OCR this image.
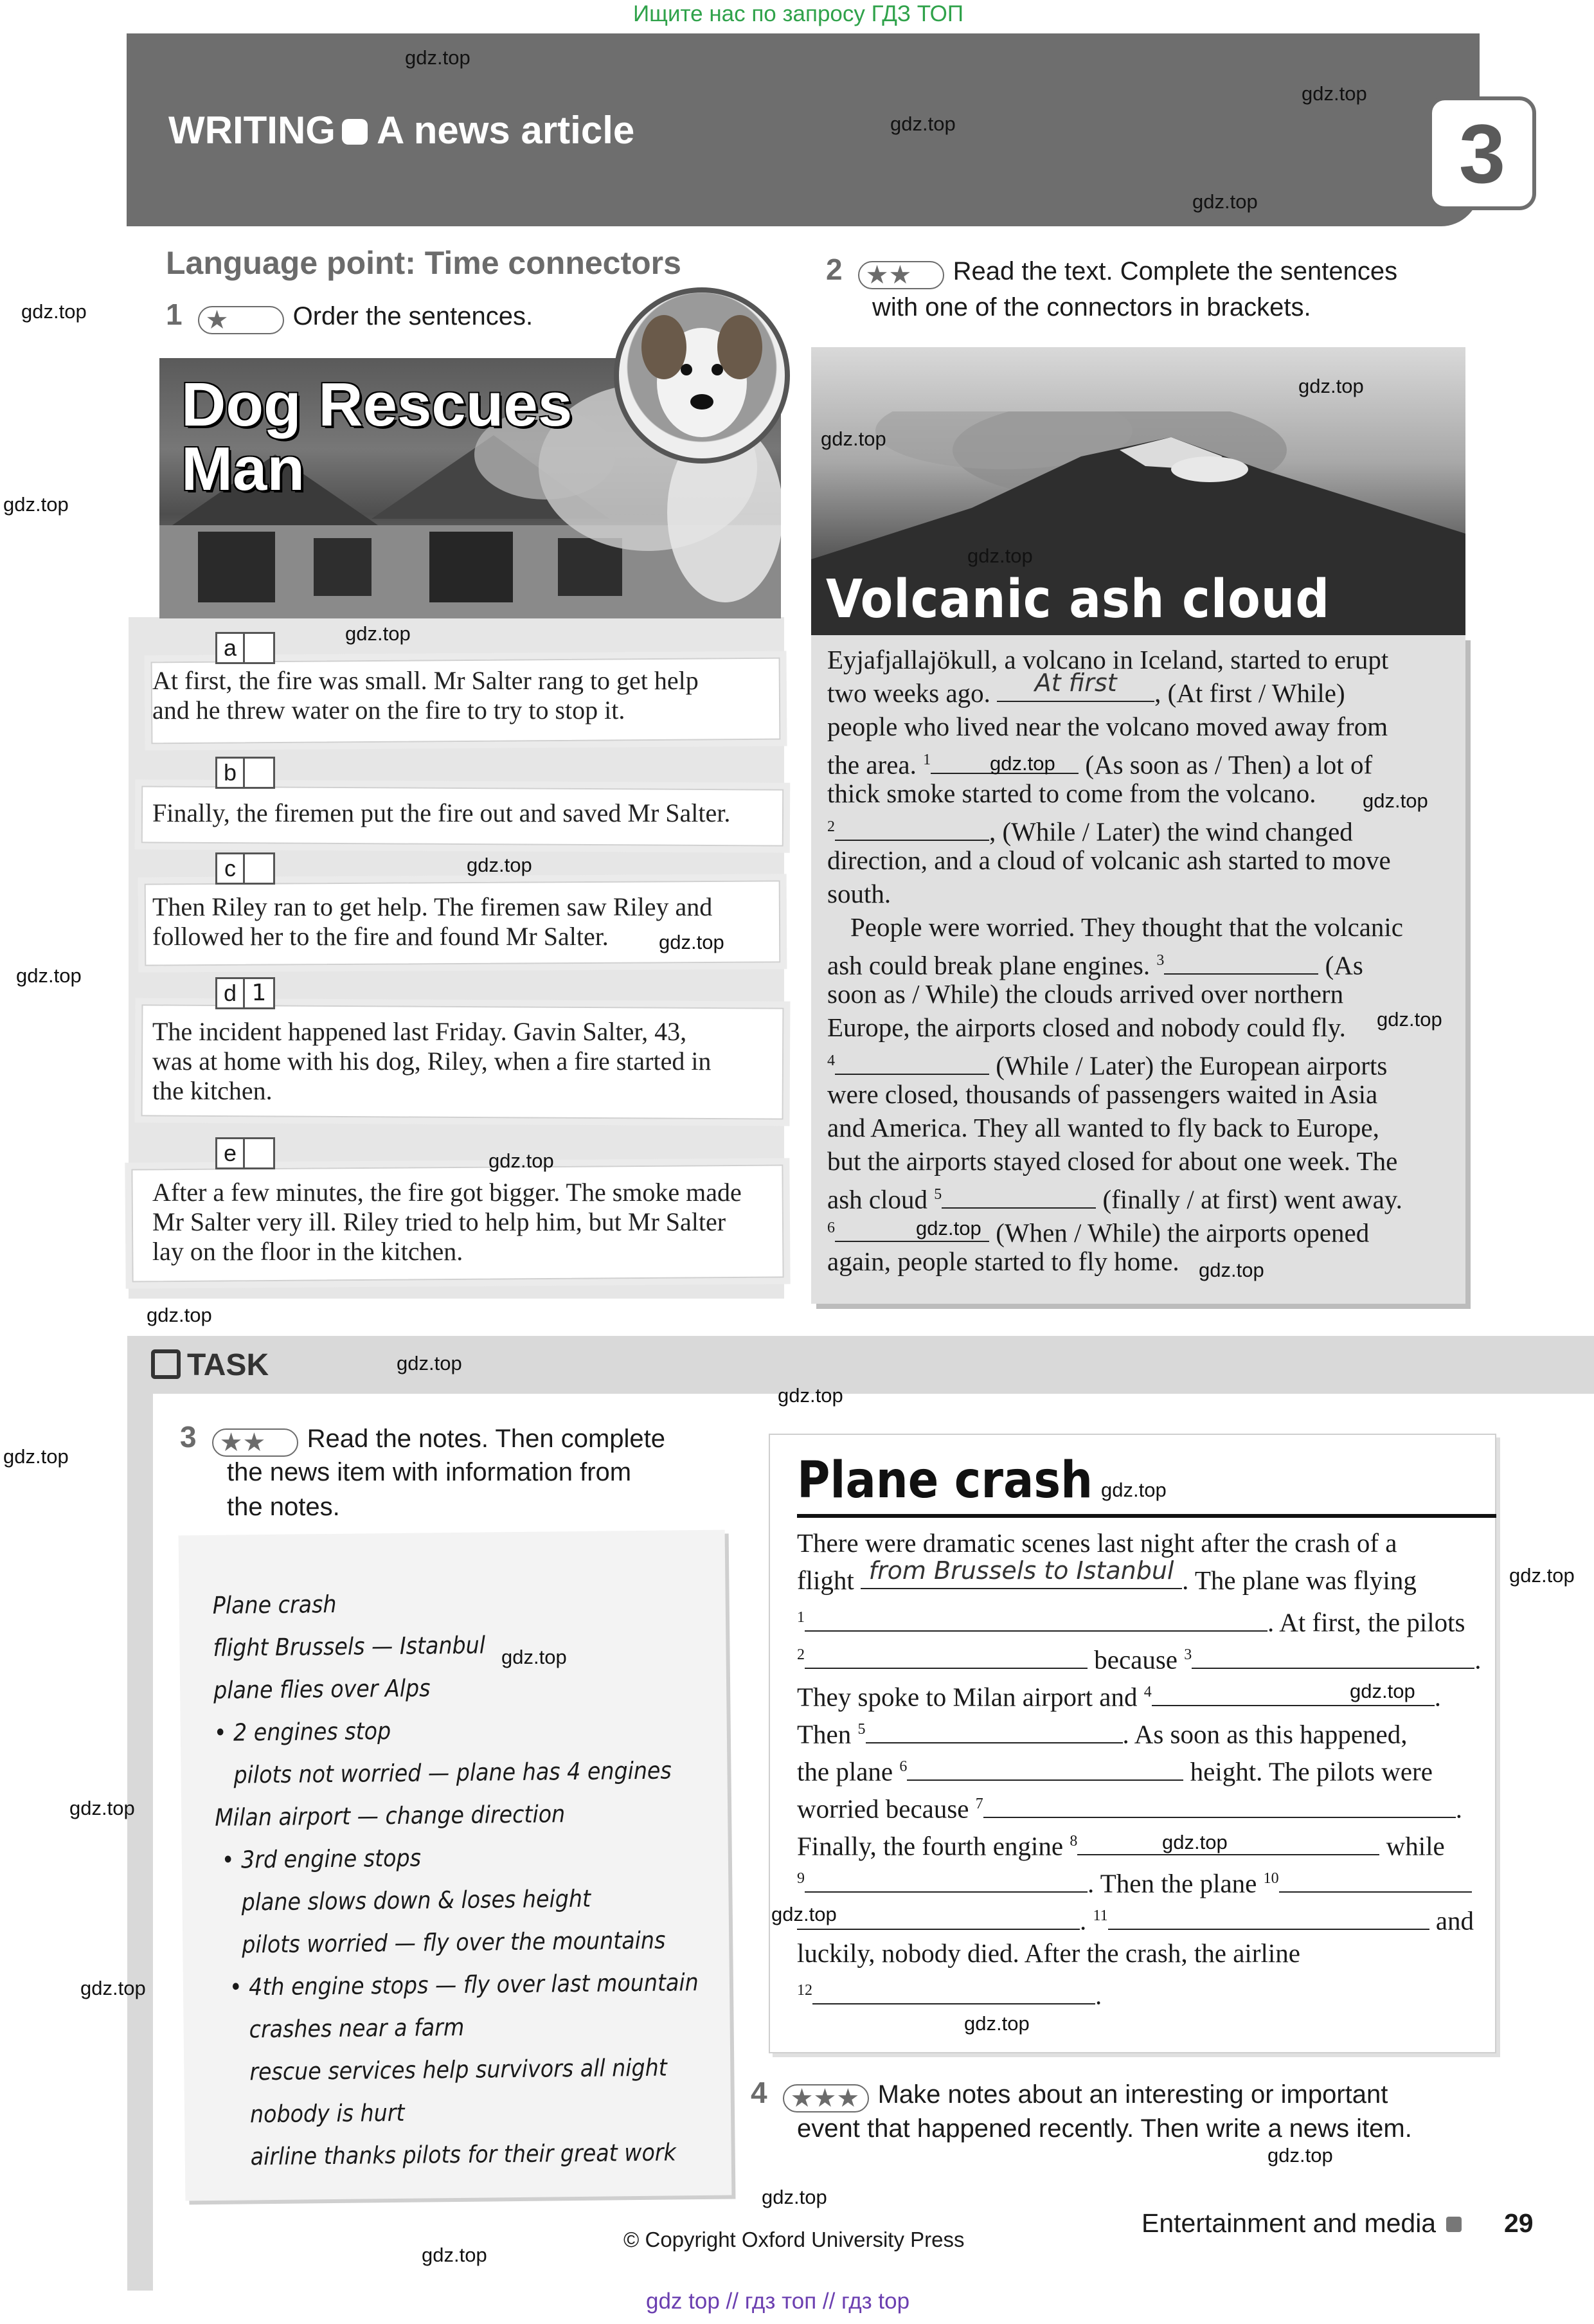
Ищите нас по запросу ГДЗ ТОП
gdz top // гдз топ // гдз top
WRITING A news article	3
Language point: Time connectors
1 ★	Order the sentences.
2 ★★ Read the text. Complete the sentences
with one of the connectors in brackets.
Dog Rescues
Man
a
b
c
d 1
e
At first, the fire was small. Mr Salter rang to get help
and he threw water on the fire to try to stop it.
Finally, the firemen put the fire out and saved Mr Salter.
Then Riley ran to get help. The firemen saw Riley and
followed her to the fire and found Mr Salter.
The incident happened last Friday. Gavin Salter, 43,
was at home with his dog, Riley, when a fire started in
the kitchen.
After a few minutes, the fire got bigger. The smoke made
Mr Salter very ill. Riley tried to help him, but Mr Salter
lay on the floor in the kitchen.
Volcanic ash cloud
Eyjafjallajökull, a volcano in Iceland, started to erupt
two weeks ago.	At first	, (At first / While)
people who lived near the volcano moved away from
the area. $^1$	(As soon as / Then) a lot of
thick smoke started to come from the volcano.
$^2$	, (While / Later) the wind changed
direction, and a cloud of volcanic ash started to move
south.
People were worried. They thought that the volcanic
ash could break plane engines. $^3$	(As
soon as / While) the clouds arrived over northern
Europe, the airports closed and nobody could fly.
$^4$	(While / Later) the European airports
were closed, thousands of passengers waited in Asia
and America. They all wanted to fly back to Europe,
but the airports stayed closed for about one week. The
ash cloud $^5$	(finally / at first) went away.
$^6$	(When / While) the airports opened
again, people started to fly home.
TASK
3 ★★ Read the notes. Then complete
the news item with information from
the notes.
Plane crash
flight Brussels — Istanbul
plane flies over Alps
• 2 engines stop
pilots not worried — plane has 4 engines
Milan airport — change direction
• 3rd engine stops
plane slows down & loses height
pilots worried — fly over the mountains
• 4th engine stops — fly over last mountain
crashes near a farm
rescue services help survivors all night
nobody is hurt
airline thanks pilots for their great work
Plane crash
There were dramatic scenes last night after the crash of a
flight from Brussels to Istanbul . The plane was flying
$^1$	. At first, the pilots
$^2$	because $^3$	.
They spoke to Milan airport and $^4$	.
Then $^5$	. As soon as this happened,
the plane $^6$	height. The pilots were
worried because $^7$	.
Finally, the fourth engine $^8$	while
$^9$	. Then the plane $^{10}$
. $^{11}$	and
luckily, nobody died. After the crash, the airline
$^{12}$	.
4 ★★★ Make notes about an interesting or important
event that happened recently. Then write a news item.
© Copyright Oxford University Press
Entertainment and media	29
gdz.top
gdz.top
gdz.top
gdz.top
gdz.top
gdz.top
gdz.top
gdz.top
gdz.top
gdz.top
gdz.top
gdz.top
gdz.top
gdz.top
gdz.top
gdz.top
gdz.top
gdz.top
gdz.top
gdz.top
gdz.top
gdz.top
gdz.top
gdz.top
gdz.top
gdz.top
gdz.top
gdz.top
gdz.top
gdz.top
gdz.top
gdz.top
gdz.top
gdz.top
gdz.top
